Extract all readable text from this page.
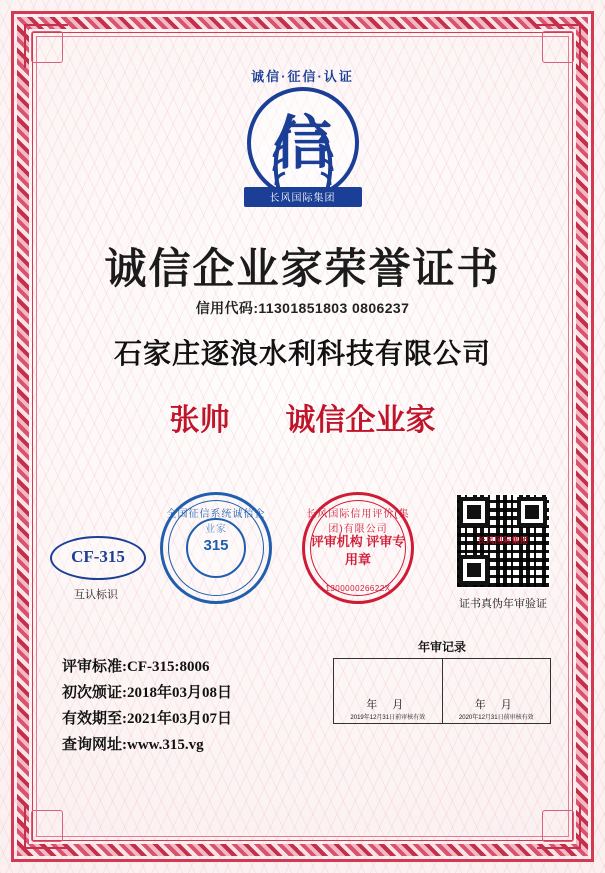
诚信·征信·认证
信
长风国际集团
诚信企业家荣誉证书
信用代码:11301851803 0806237
石家庄逐浪水利科技有限公司
张帅 诚信企业家
CF-315
互认标识
全国征信系统诚信企业家
315
长风国际信用评价(集团)有限公司
评审机构 评审专用章
130000026622X
长风国际集团
证书真伪年审验证
评审标准:CF-315:8006
初次颁证:2018年03月08日
有效期至:2021年03月07日
查询网址:www.315.vg
年审记录
年 月
2019年12月31日前审核有效

年 月
2020年12月31日前审核有效
